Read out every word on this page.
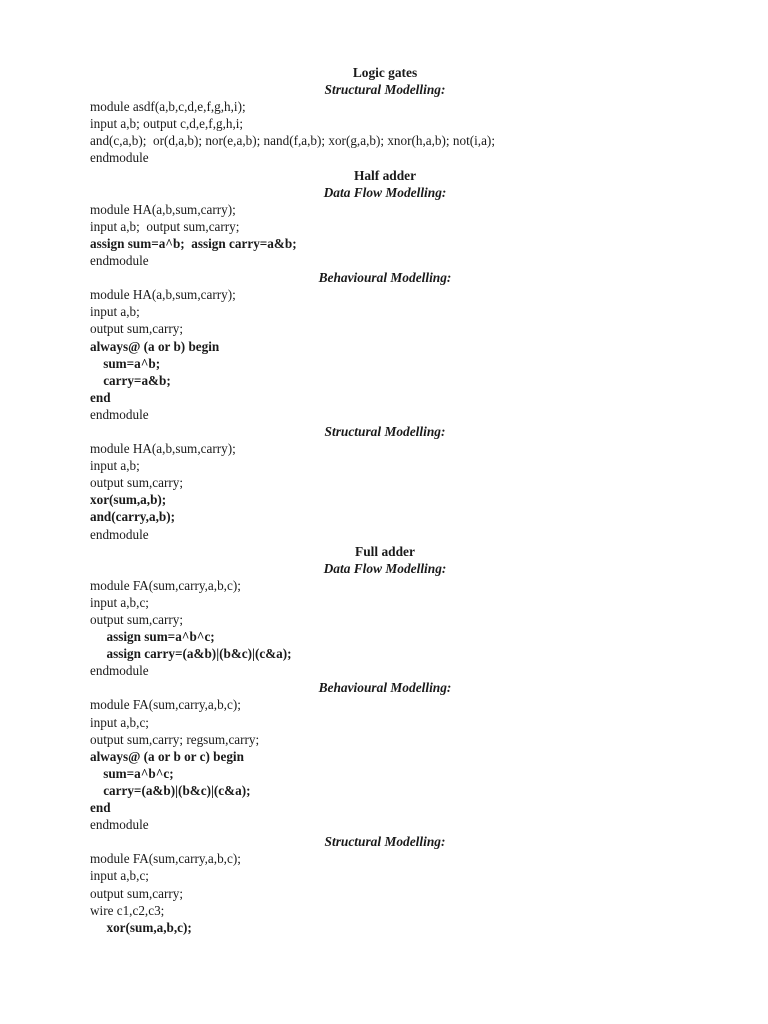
Logic gates
Structural Modelling:
module asdf(a,b,c,d,e,f,g,h,i);
input a,b; output c,d,e,f,g,h,i;
and(c,a,b);  or(d,a,b); nor(e,a,b); nand(f,a,b); xor(g,a,b); xnor(h,a,b); not(i,a);
endmodule
Half adder
Data Flow Modelling:
module HA(a,b,sum,carry);
input a,b;  output sum,carry;
assign sum=a^b;  assign carry=a&b;
endmodule
Behavioural Modelling:
module HA(a,b,sum,carry);
input a,b;
output sum,carry;
always@ (a or b) begin
sum=a^b;
carry=a&b;
end
endmodule
Structural Modelling:
module HA(a,b,sum,carry);
input a,b;
output sum,carry;
xor(sum,a,b);
and(carry,a,b);
endmodule
Full adder
Data Flow Modelling:
module FA(sum,carry,a,b,c);
input a,b,c;
output sum,carry;
assign sum=a^b^c;
assign carry=(a&b)|(b&c)|(c&a);
endmodule
Behavioural Modelling:
module FA(sum,carry,a,b,c);
input a,b,c;
output sum,carry; regsum,carry;
always@ (a or b or c) begin
sum=a^b^c;
carry=(a&b)|(b&c)|(c&a);
end
endmodule
Structural Modelling:
module FA(sum,carry,a,b,c);
input a,b,c;
output sum,carry;
wire c1,c2,c3;
xor(sum,a,b,c);
